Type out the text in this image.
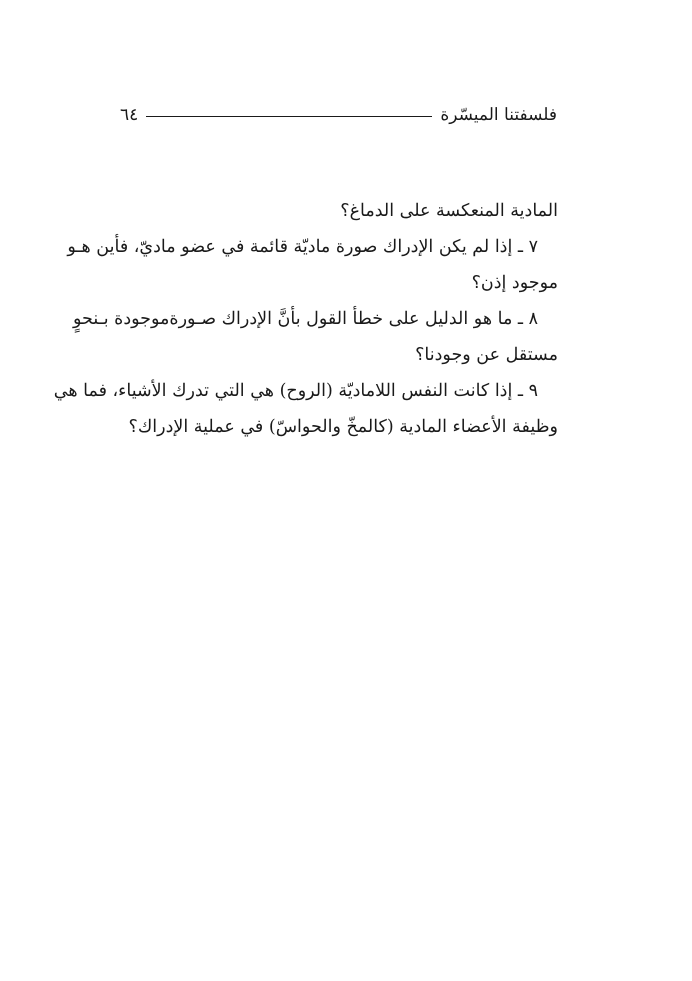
فلسفتنا الميسّرة
٦٤
المادية المنعكسة على الدماغ؟
٧ ـ إذا لم يكن الإدراك صورة ماديّة قائمة في عضو ماديّ، فأين هـو
موجود إذن؟
٨ ـ ما هو الدليل على خطأ القول بأنَّ الإدراك صـورةموجودة بـنحوٍ
مستقل عن وجودنا؟
٩ ـ إذا كانت النفس اللاماديّة (الروح) هي التي تدرك الأشياء، فما هي
وظيفة الأعضاء المادية (كالمخّ والحواسّ) في عملية الإدراك؟
